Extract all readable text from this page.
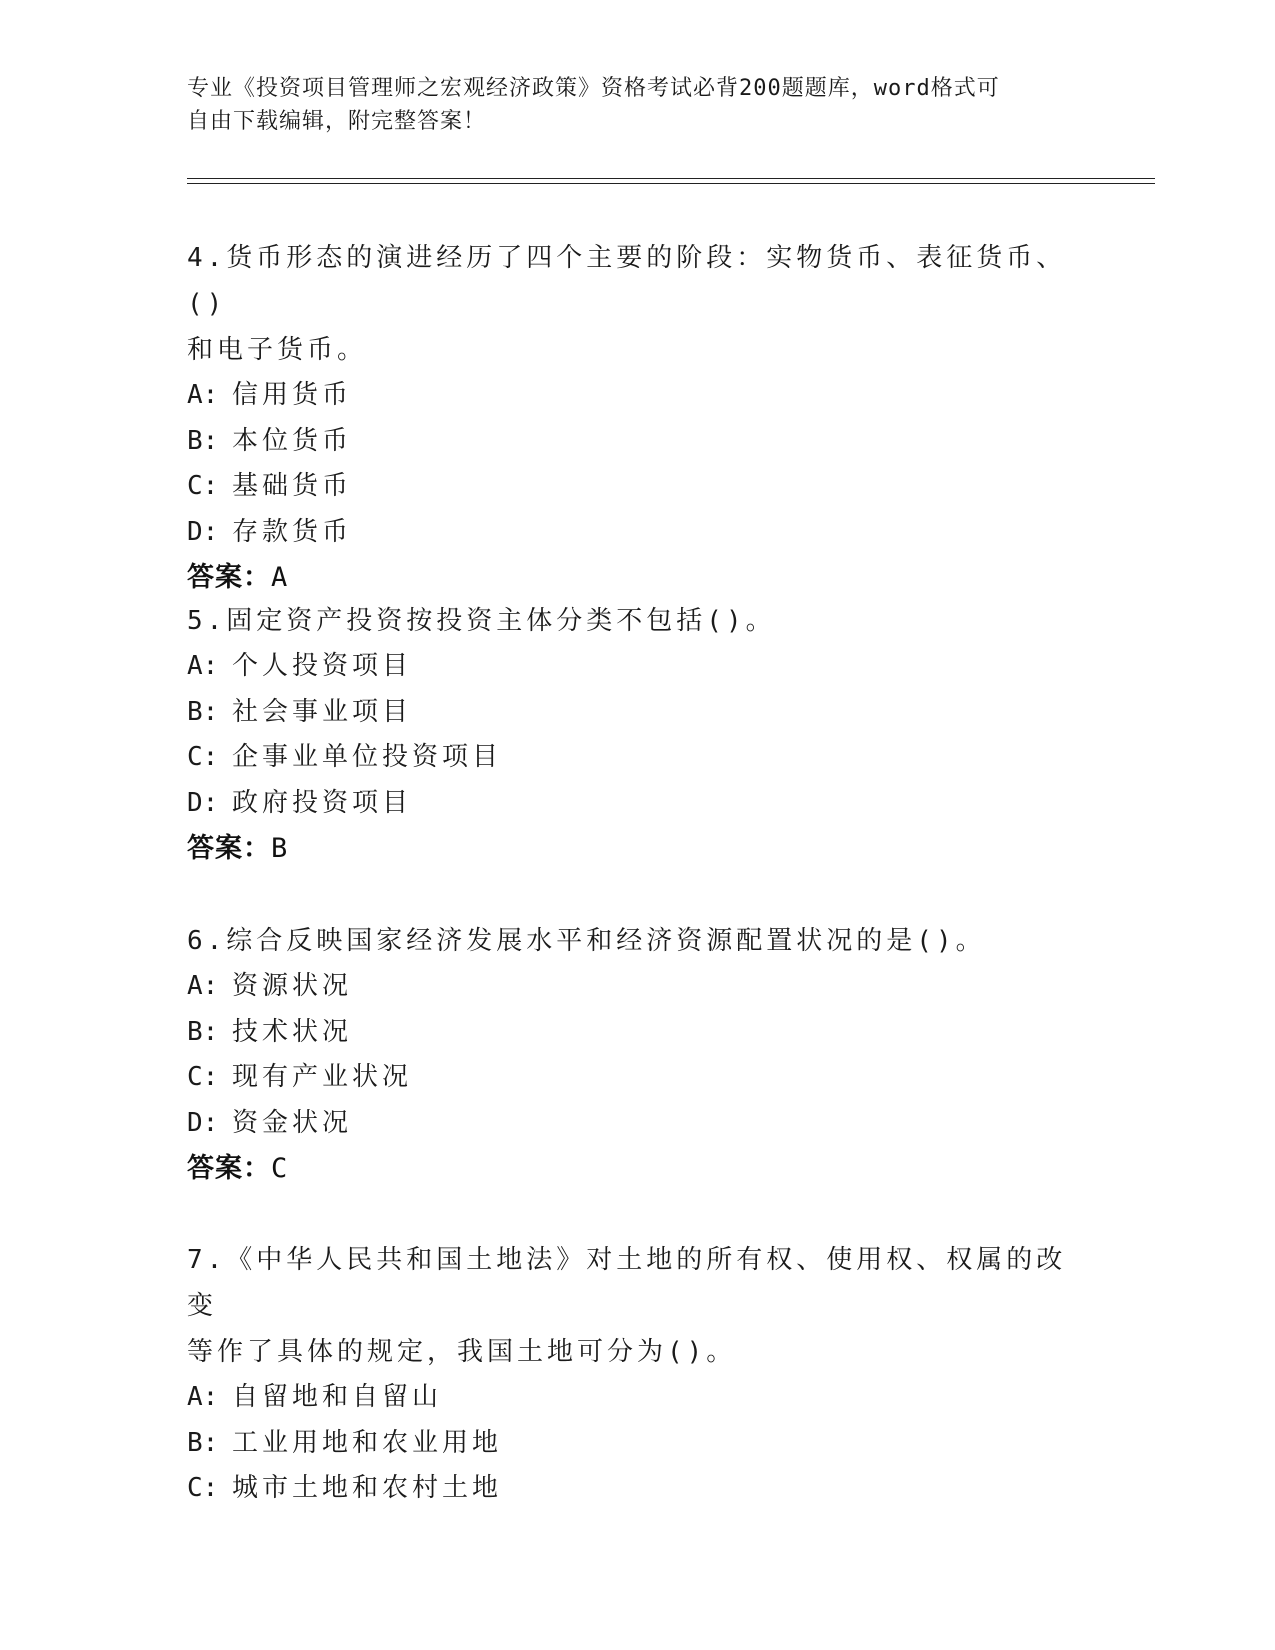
专业《投资项目管理师之宏观经济政策》资格考试必背200题题库，word格式可
自由下载编辑，附完整答案！
4.货币形态的演进经历了四个主要的阶段：实物货币、表征货币、()
和电子货币。
A: 信用货币
B: 本位货币
C: 基础货币
D: 存款货币
答案：A
5.固定资产投资按投资主体分类不包括()。
A: 个人投资项目
B: 社会事业项目
C: 企事业单位投资项目
D: 政府投资项目
答案：B
6.综合反映国家经济发展水平和经济资源配置状况的是()。
A: 资源状况
B: 技术状况
C: 现有产业状况
D: 资金状况
答案：C
7.《中华人民共和国土地法》对土地的所有权、使用权、权属的改变
等作了具体的规定，我国土地可分为()。
A: 自留地和自留山
B: 工业用地和农业用地
C: 城市土地和农村土地
